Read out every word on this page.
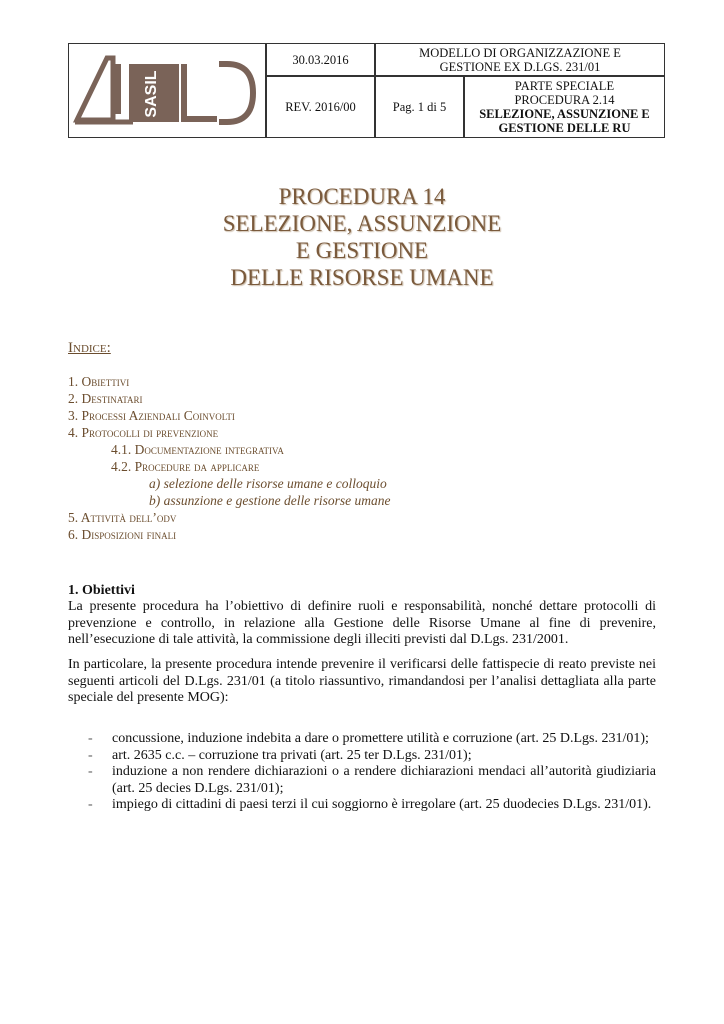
SASIL
30.03.2016	MODELLO DI ORGANIZZAZIONE E
GESTIONE EX D.LGS. 231/01
REV. 2016/00	Pag. 1 di 5
PARTE SPECIALE
PROCEDURA 2.14
SELEZIONE, ASSUNZIONE E
GESTIONE DELLE RU
PROCEDURA 14
SELEZIONE, ASSUNZIONE
E GESTIONE
DELLE RISORSE UMANE
Indice:
1. Obiettivi
2. Destinatari
3. Processi Aziendali Coinvolti
4. Protocolli di prevenzione
4.1. Documentazione integrativa
4.2. Procedure da applicare
a) selezione delle risorse umane e colloquio
b) assunzione e gestione delle risorse umane
5. Attività dell’odv
6. Disposizioni finali
1. Obiettivi
La presente procedura ha l’obiettivo di definire ruoli e responsabilità, nonché dettare protocolli di prevenzione e controllo, in relazione alla Gestione delle Risorse Umane al fine di prevenire, nell’esecuzione di tale attività, la commissione degli illeciti previsti dal D.Lgs. 231/2001.
In particolare, la presente procedura intende prevenire il verificarsi delle fattispecie di reato previste nei seguenti articoli del D.Lgs. 231/01 (a titolo riassuntivo, rimandandosi per l’analisi dettagliata alla parte speciale del presente MOG):
- concussione, induzione indebita a dare o promettere utilità e corruzione (art. 25 D.Lgs. 231/01);
- art. 2635 c.c. – corruzione tra privati (art. 25 ter D.Lgs. 231/01);
- induzione a non rendere dichiarazioni o a rendere dichiarazioni mendaci all’autorità giudiziaria (art. 25 decies D.Lgs. 231/01);
- impiego di cittadini di paesi terzi il cui soggiorno è irregolare (art. 25 duodecies D.Lgs. 231/01).
